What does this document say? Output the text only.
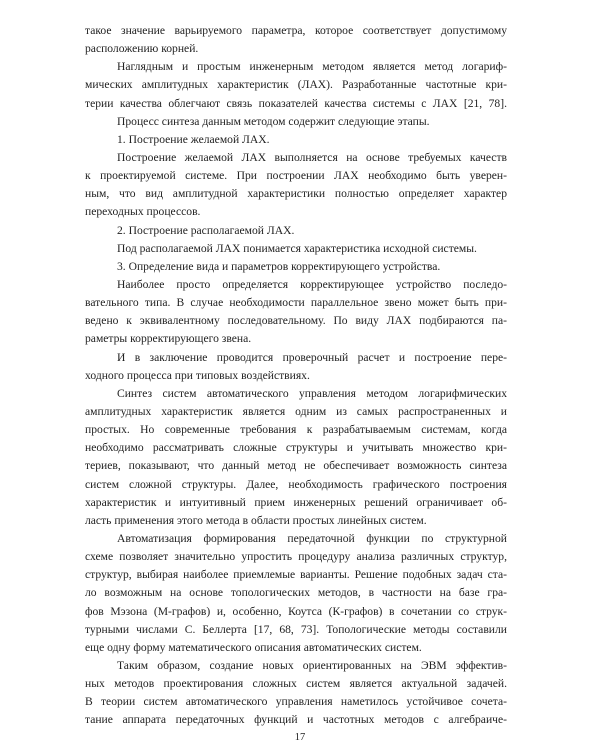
такое значение варьируемого параметра, которое соответствует допустимому
расположению корней.
Наглядным и простым инженерным методом является метод логариф-
мических амплитудных характеристик (ЛАХ). Разработанные частотные кри-
терии качества облегчают связь показателей качества системы с ЛАХ [21, 78].
Процесс синтеза данным методом содержит следующие этапы.
1. Построение желаемой ЛАХ.
Построение желаемой ЛАХ выполняется на основе требуемых качеств
к проектируемой системе. При построении ЛАХ необходимо быть уверен-
ным, что вид амплитудной характеристики полностью определяет характер
переходных процессов.
2. Построение располагаемой ЛАХ.
Под располагаемой ЛАХ понимается характеристика исходной системы.
3. Определение вида и параметров корректирующего устройства.
Наиболее просто определяется корректирующее устройство последо-
вательного типа. В случае необходимости параллельное звено может быть при-
ведено к эквивалентному последовательному. По виду ЛАХ подбираются па-
раметры корректирующего звена.
И в заключение проводится проверочный расчет и построение пере-
ходного процесса при типовых воздействиях.
Синтез систем автоматического управления методом логарифмических
амплитудных характеристик является одним из самых распространенных и
простых. Но современные требования к разрабатываемым системам, когда
необходимо рассматривать сложные структуры и учитывать множество кри-
териев, показывают, что данный метод не обеспечивает возможность синтеза
систем сложной структуры. Далее, необходимость графического построения
характеристик и интуитивный прием инженерных решений ограничивает об-
ласть применения этого метода в области простых линейных систем.
Автоматизация формирования передаточной функции по структурной
схеме позволяет значительно упростить процедуру анализа различных структур,
структур, выбирая наиболее приемлемые варианты. Решение подобных задач ста-
ло возможным на основе топологических методов, в частности на базе гра-
фов Мэзона (М-графов) и, особенно, Коутса (К-графов) в сочетании со струк-
турными числами С. Беллерта [17, 68, 73]. Топологические методы составили
еще одну форму математического описания автоматических систем.
Таким образом, создание новых ориентированных на ЭВМ эффектив-
ных методов проектирования сложных систем является актуальной задачей.
В теории систем автоматического управления наметилось устойчивое сочета-
тание аппарата передаточных функций и частотных методов с алгебраиче-
17
